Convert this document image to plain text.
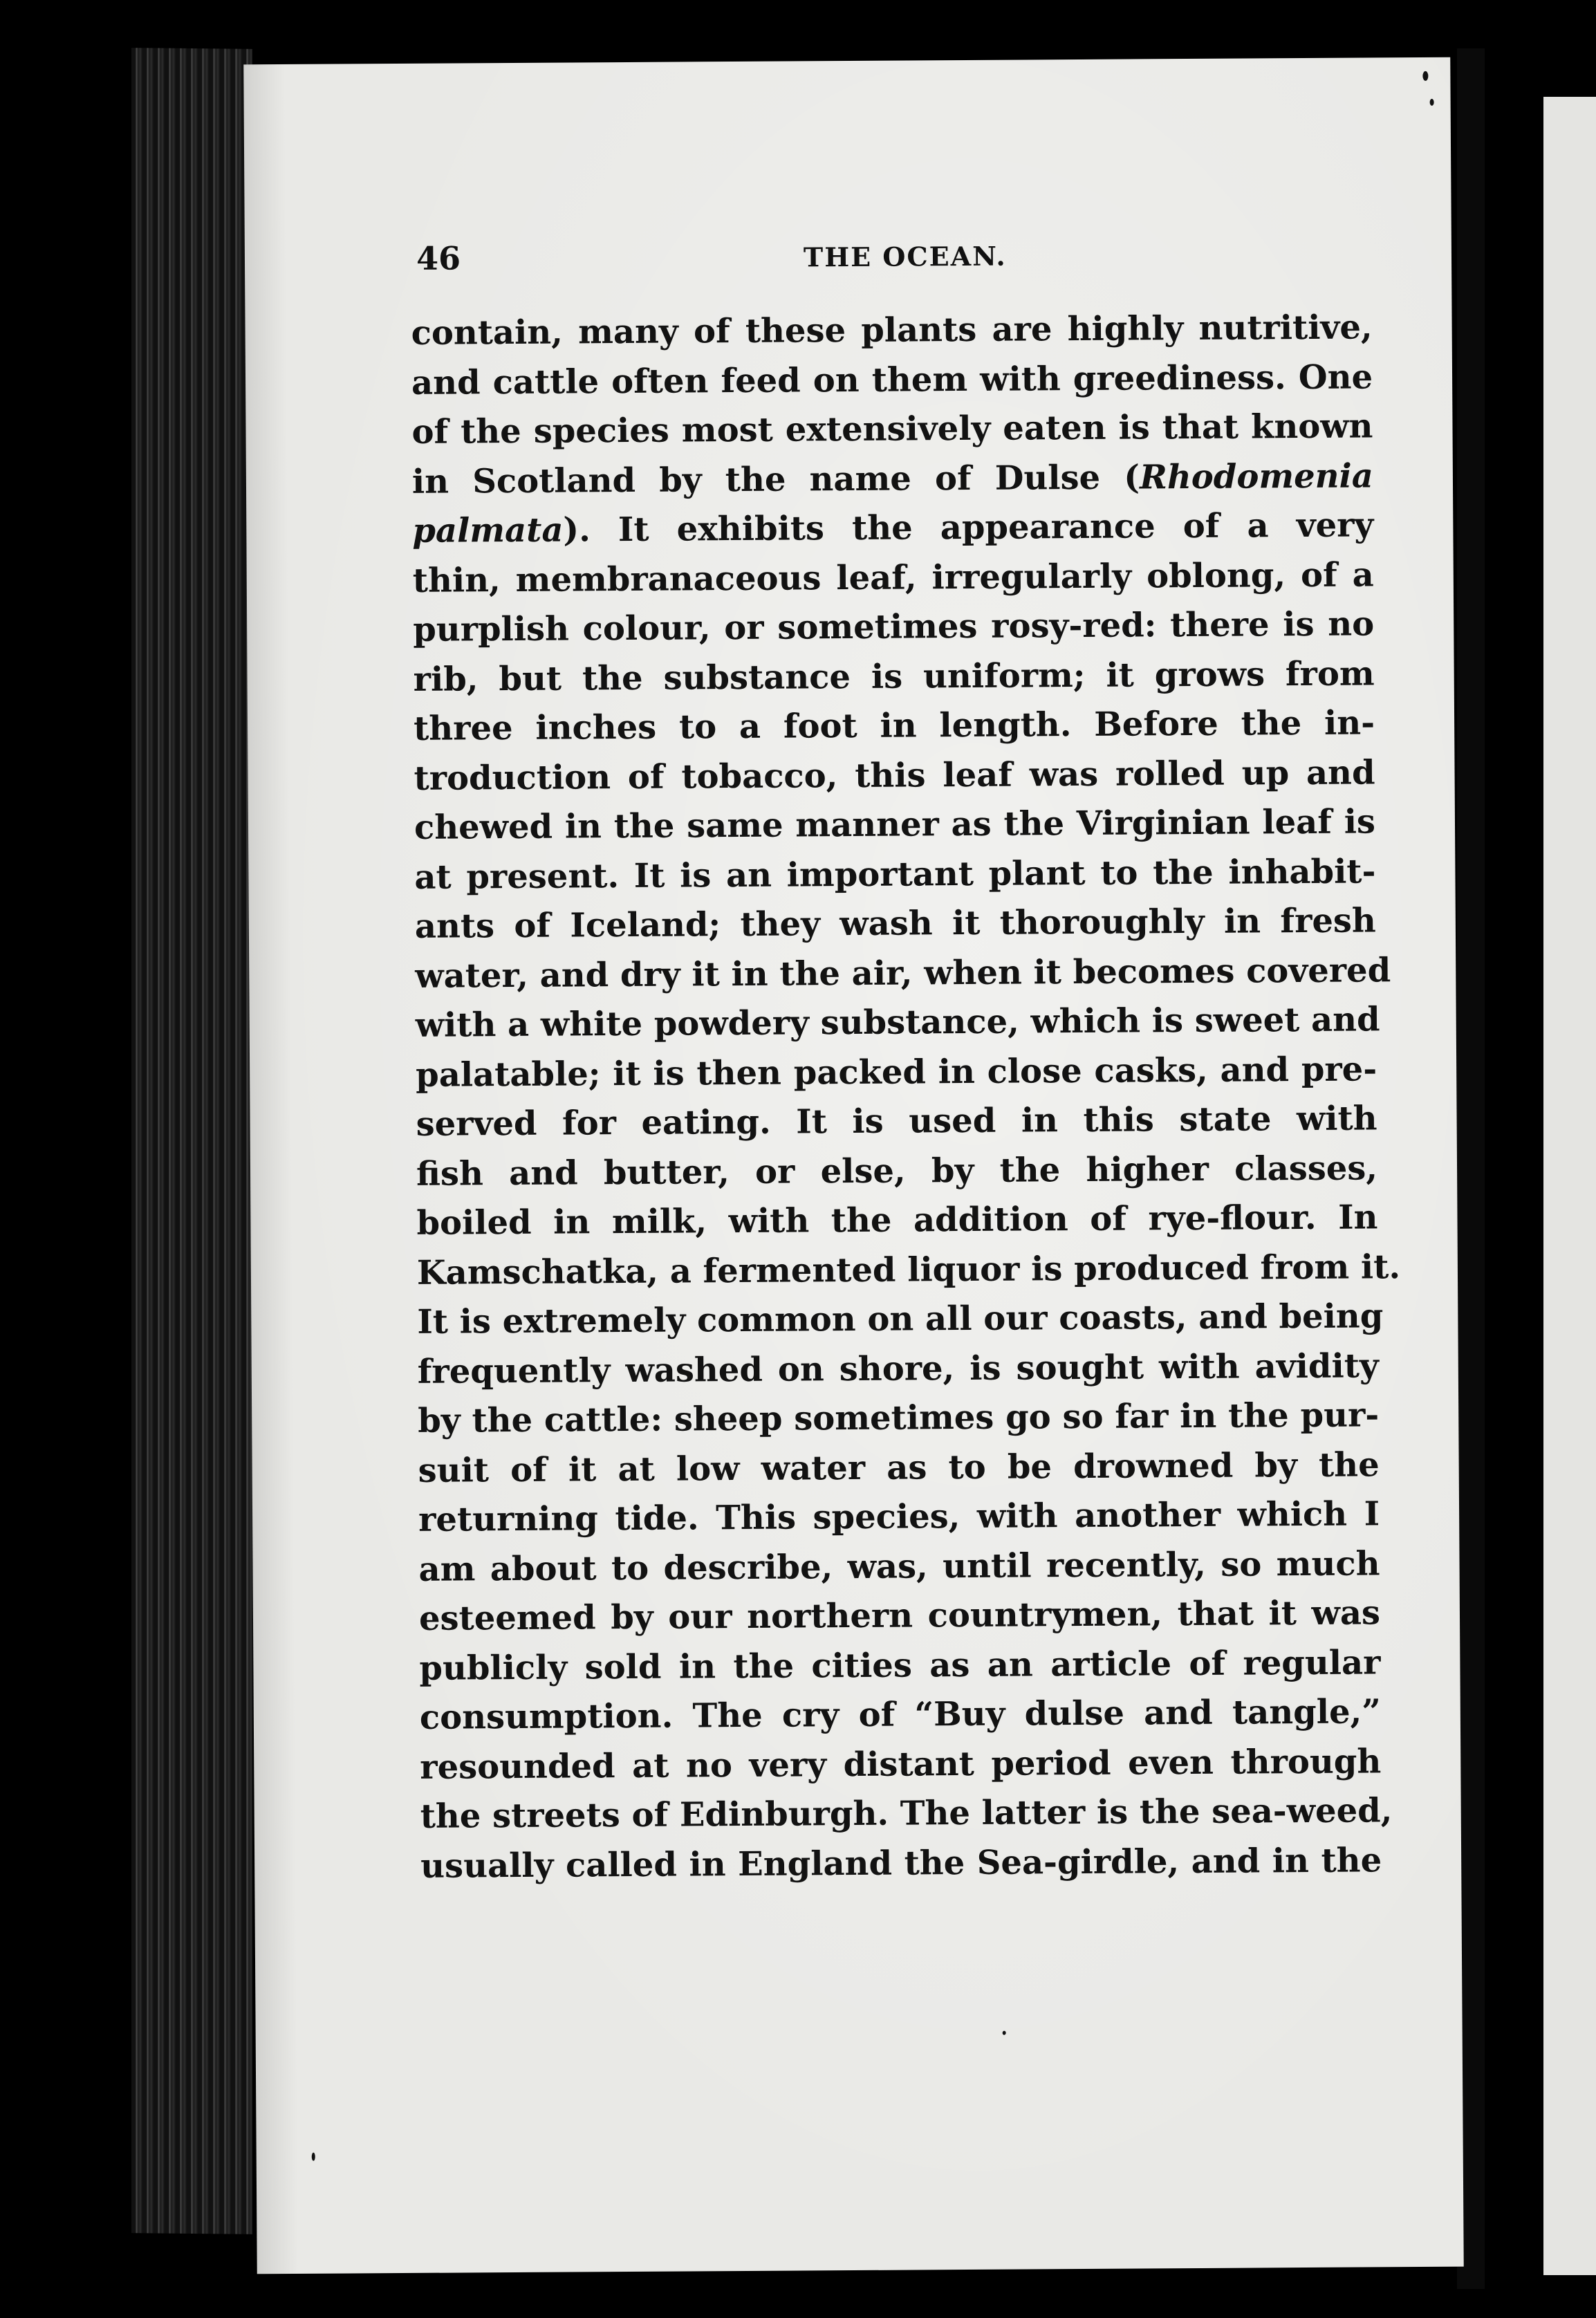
46	THE OCEAN.
contain, many of these plants are highly nutritive,
and cattle often feed on them with greediness. One
of the species most extensively eaten is that known
in Scotland by the name of Dulse (Rhodomenia
palmata). It exhibits the appearance of a very
thin, membranaceous leaf, irregularly oblong, of a
purplish colour, or sometimes rosy-red: there is no
rib, but the substance is uniform; it grows from
three inches to a foot in length. Before the in-
troduction of tobacco, this leaf was rolled up and
chewed in the same manner as the Virginian leaf is
at present. It is an important plant to the inhabit-
ants of Iceland; they wash it thoroughly in fresh
water, and dry it in the air, when it becomes covered
with a white powdery substance, which is sweet and
palatable; it is then packed in close casks, and pre-
served for eating. It is used in this state with
fish and butter, or else, by the higher classes,
boiled in milk, with the addition of rye-flour. In
Kamschatka, a fermented liquor is produced from it.
It is extremely common on all our coasts, and being
frequently washed on shore, is sought with avidity
by the cattle: sheep sometimes go so far in the pur-
suit of it at low water as to be drowned by the
returning tide. This species, with another which I
am about to describe, was, until recently, so much
esteemed by our northern countrymen, that it was
publicly sold in the cities as an article of regular
consumption. The cry of “Buy dulse and tangle,”
resounded at no very distant period even through
the streets of Edinburgh. The latter is the sea-weed,
usually called in England the Sea-girdle, and in the
